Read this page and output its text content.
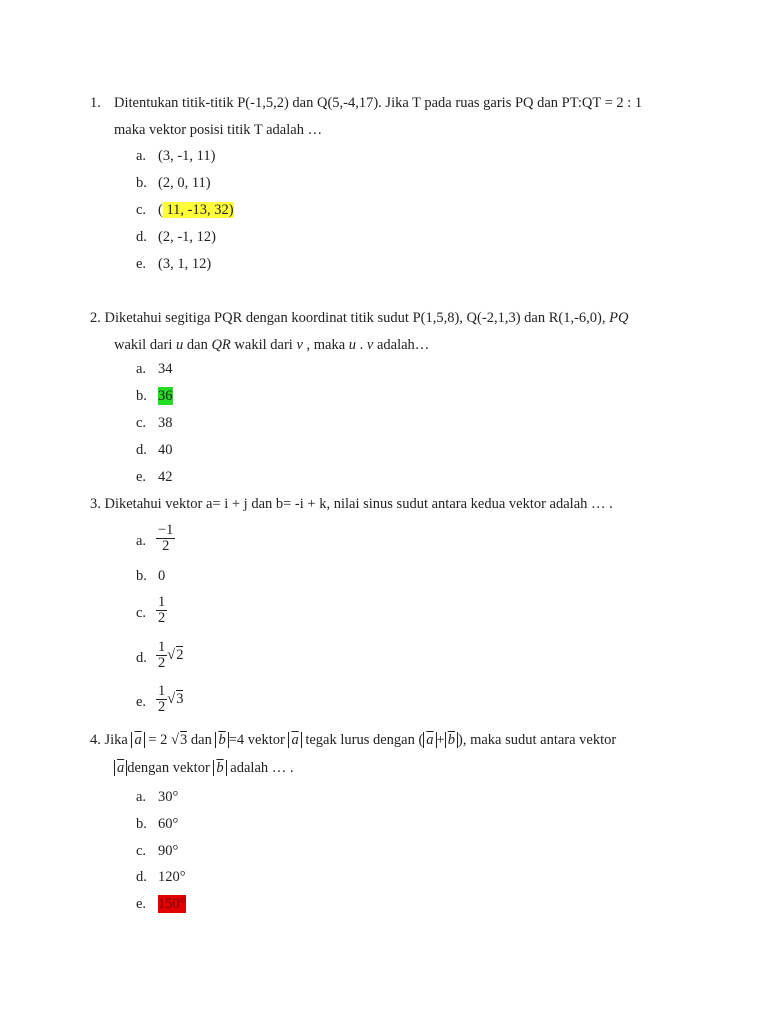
1. Ditentukan titik-titik P(-1,5,2) dan Q(5,-4,17). Jika T pada ruas garis PQ dan PT:QT = 2 : 1
maka vektor posisi titik T adalah …
a. (3, -1, 11)
b. (2, 0, 11)
c. ( 11, -13, 32)
d. (2, -1, 12)
e. (3, 1, 12)
2. Diketahui segitiga PQR dengan koordinat titik sudut P(1,5,8), Q(-2,1,3) dan R(1,-6,0), PQ
wakil dari u dan QR wakil dari v , maka u . v adalah…
a. 34
b. 36
c. 38
d. 40
e. 42
3. Diketahui vektor a= i + j dan b= -i + k, nilai sinus sudut antara kedua vektor adalah … .
a. $\frac{-1}{2}$
b. 0
c. $\frac{1}{2}$
d. $\frac{1}{2} √2$
e. $\frac{1}{2} √3$
4. Jika $\overline{a} = 2$ √3 dan $\overline{b} =4$ vektor $\overline{a}$ tegak lurus dengan ( $\overline{a} + \overline{b}$ ), maka sudut antara vektor
$\overline{a}$ dengan vektor $\overline{b}$ adalah … .
a. 30°
b. 60°
c. 90°
d. 120°
e. 150°
